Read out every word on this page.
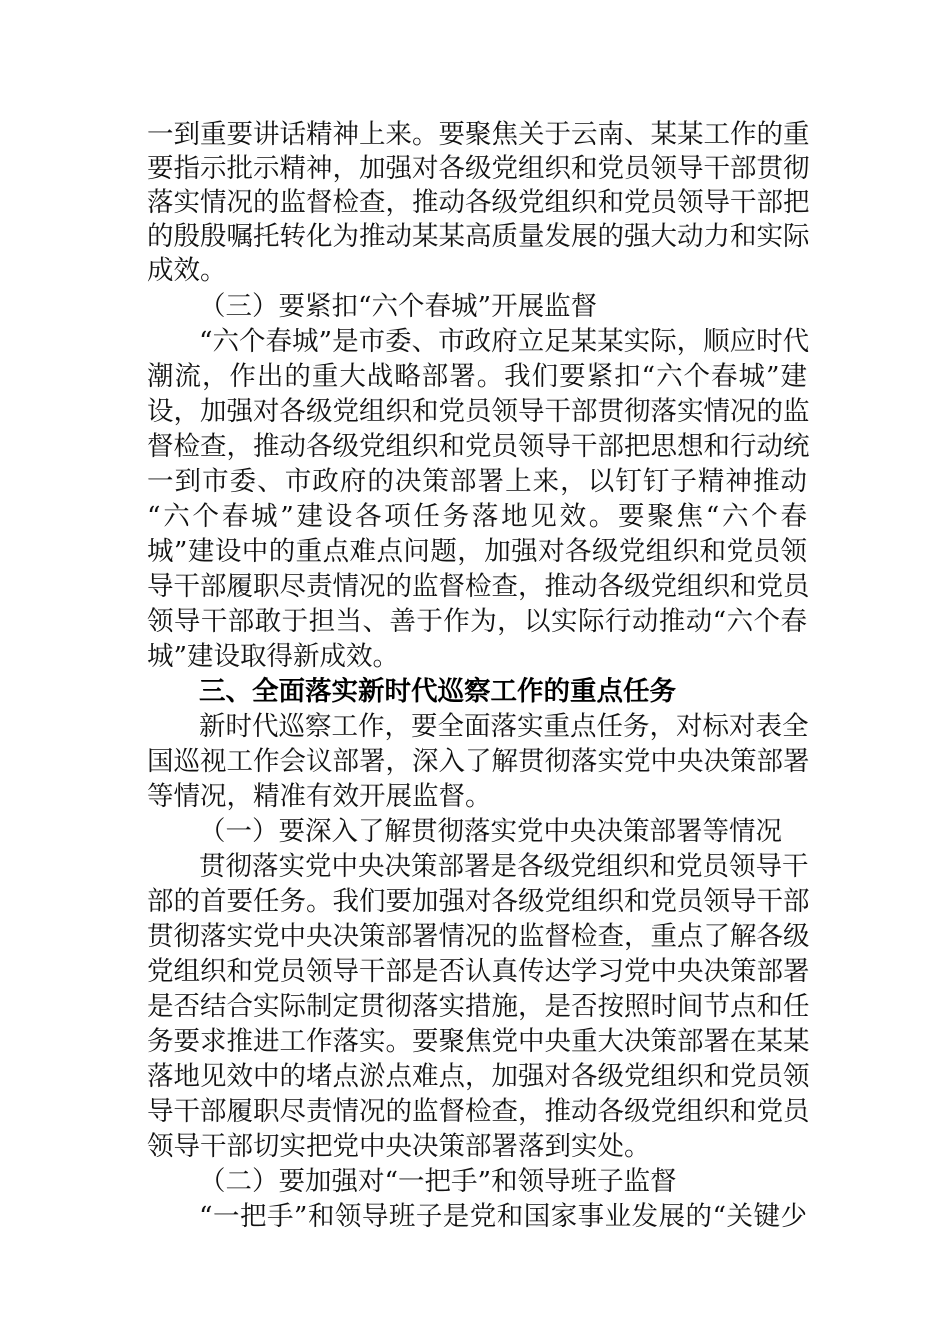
一到重要讲话精神上来。要聚焦关于云南、某某工作的重
要指示批示精神，加强对各级党组织和党员领导干部贯彻
落实情况的监督检查，推动各级党组织和党员领导干部把
的殷殷嘱托转化为推动某某高质量发展的强大动力和实际
成效。
（三）要紧扣“六个春城”开展监督
“六个春城”是市委、市政府立足某某实际，顺应时代
潮流，作出的重大战略部署。我们要紧扣“六个春城”建
设，加强对各级党组织和党员领导干部贯彻落实情况的监
督检查，推动各级党组织和党员领导干部把思想和行动统
一到市委、市政府的决策部署上来，以钉钉子精神推动
“六个春城”建设各项任务落地见效。要聚焦“六个春
城”建设中的重点难点问题，加强对各级党组织和党员领
导干部履职尽责情况的监督检查，推动各级党组织和党员
领导干部敢于担当、善于作为，以实际行动推动“六个春
城”建设取得新成效。
三、全面落实新时代巡察工作的重点任务
新时代巡察工作，要全面落实重点任务，对标对表全
国巡视工作会议部署，深入了解贯彻落实党中央决策部署
等情况，精准有效开展监督。
（一）要深入了解贯彻落实党中央决策部署等情况
贯彻落实党中央决策部署是各级党组织和党员领导干
部的首要任务。我们要加强对各级党组织和党员领导干部
贯彻落实党中央决策部署情况的监督检查，重点了解各级
党组织和党员领导干部是否认真传达学习党中央决策部署
是否结合实际制定贯彻落实措施，是否按照时间节点和任
务要求推进工作落实。要聚焦党中央重大决策部署在某某
落地见效中的堵点淤点难点，加强对各级党组织和党员领
导干部履职尽责情况的监督检查，推动各级党组织和党员
领导干部切实把党中央决策部署落到实处。
（二）要加强对“一把手”和领导班子监督
“一把手”和领导班子是党和国家事业发展的“关键少
